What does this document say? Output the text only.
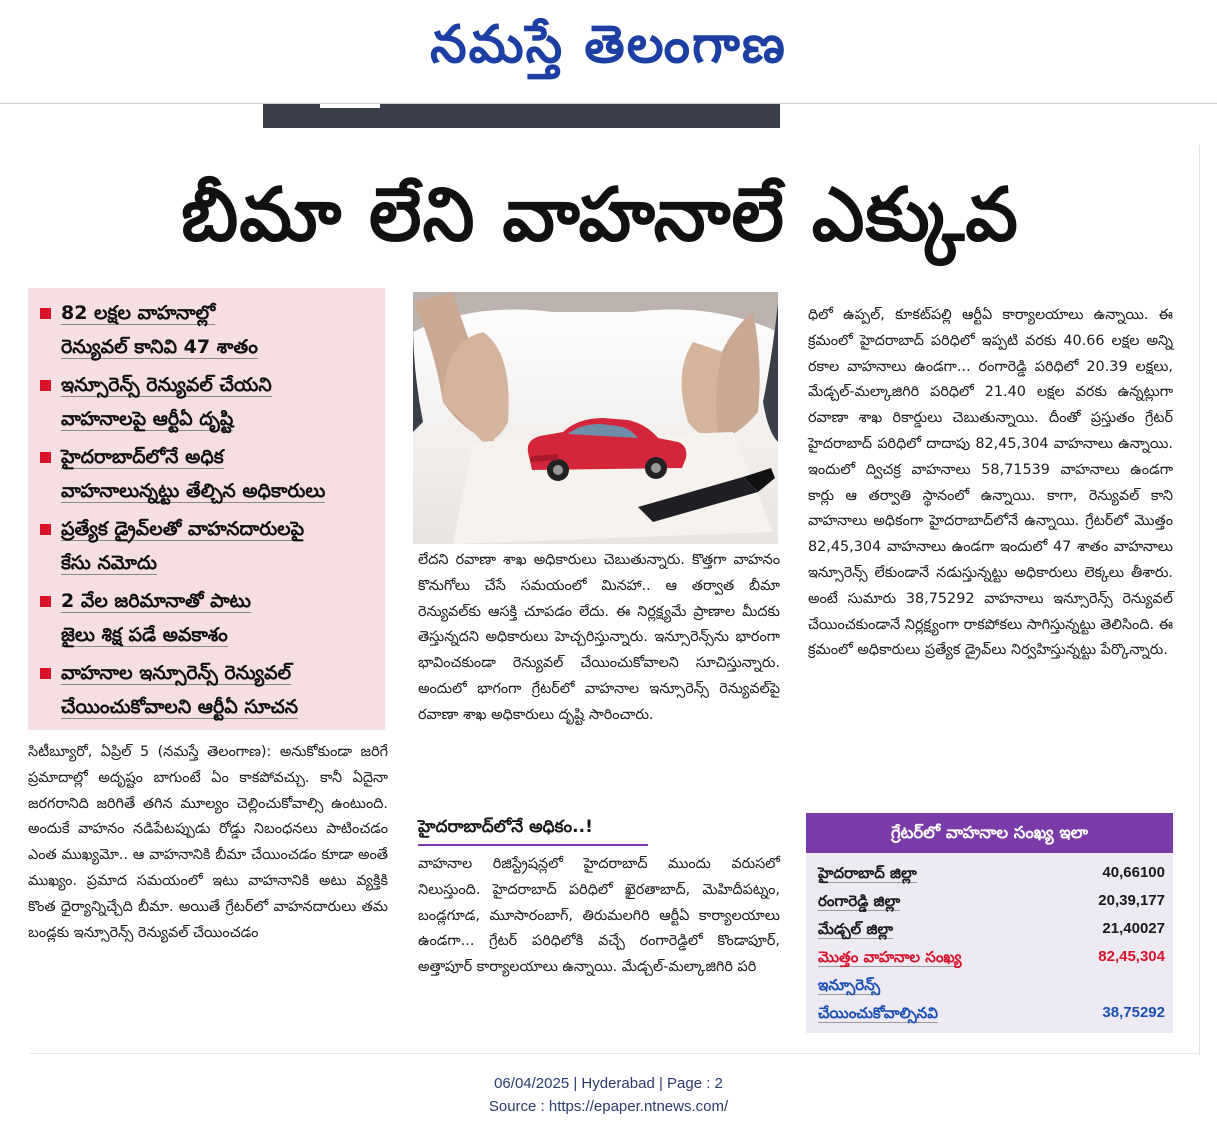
నమస్తే తెలంగాణ
బీమా లేని వాహనాలే ఎక్కువ
82 లక్షల వాహనాల్లో
రెన్యువల్ కానివి 47 శాతం
ఇన్సూరెన్స్ రెన్యువల్ చేయని
వాహనాలపై ఆర్టీఏ దృష్టి
హైదరాబాద్‌లోనే అధిక
వాహనాలున్నట్టు తేల్చిన అధికారులు
ప్రత్యేక డ్రైవ్‌లతో వాహనదారులపై
కేసు నమోదు
2 వేల జరిమానాతో పాటు
జైలు శిక్ష పడే అవకాశం
వాహనాల ఇన్సూరెన్స్ రెన్యువల్
చేయించుకోవాలని ఆర్టీఏ సూచన
సిటీబ్యూరో, ఏప్రిల్ 5 (నమస్తే తెలంగాణ): అనుకోకుండా జరిగే ప్రమాదాల్లో అదృష్టం బాగుంటే ఏం కాకపోవచ్చు. కానీ ఏదైనా జరగరానిది జరిగితే తగిన మూల్యం చెల్లించుకోవాల్సి ఉంటుంది. అందుకే వాహనం నడిపేటప్పుడు రోడ్డు నిబంధనలు పాటించడం ఎంత ముఖ్యమో.. ఆ వాహనానికి బీమా చేయించడం కూడా అంతే ముఖ్యం. ప్రమాద సమయంలో ఇటు వాహనానికి అటు వ్యక్తికి కొంత ధైర్యాన్నిచ్చేది బీమా. అయితే గ్రేటర్‌లో వాహనదారులు తమ బండ్లకు ఇన్సూరెన్స్ రెన్యువల్ చేయించడం
లేదని రవాణా శాఖ అధికారులు చెబుతున్నారు. కొత్తగా వాహనం కొనుగోలు చేసే సమయంలో మినహా.. ఆ తర్వాత బీమా రెన్యువల్‌కు ఆసక్తి చూపడం లేదు. ఈ నిర్లక్ష్యమే ప్రాణాల మీదకు తెస్తున్నదని అధికారులు హెచ్చరిస్తున్నారు. ఇన్సూరెన్స్‌ను భారంగా భావించకుండా రెన్యువల్ చేయించుకోవాలని సూచిస్తున్నారు. అందులో భాగంగా గ్రేటర్‌లో వాహనాల ఇన్సూరెన్స్ రెన్యువల్‌పై రవాణా శాఖ అధికారులు దృష్టి సారించారు.
హైదరాబాద్‌లోనే అధికం..!
వాహనాల రిజిస్ట్రేషన్లలో హైదరాబాద్ ముందు వరుసలో నిలుస్తుంది. హైదరాబాద్ పరిధిలో ఖైరతాబాద్, మెహిదీపట్నం, బండ్లగూడ, మూసారంబాగ్, తిరుమలగిరి ఆర్టీఏ కార్యాలయాలు ఉండగా... గ్రేటర్ పరిధిలోకి వచ్చే రంగారెడ్డిలో కొండాపూర్, అత్తాపూర్ కార్యాలయాలు ఉన్నాయి. మేడ్చల్-మల్కాజిగిరి పరి
ధిలో ఉప్పల్, కూకట్‌పల్లి ఆర్టీఏ కార్యాలయాలు ఉన్నాయి. ఈ క్రమంలో హైదరాబాద్ పరిధిలో ఇప్పటి వరకు 40.66 లక్షల అన్ని రకాల వాహనాలు ఉండగా... రంగారెడ్డి పరిధిలో 20.39 లక్షలు, మేడ్చల్-మల్కాజిగిరి పరిధిలో 21.40 లక్షల వరకు ఉన్నట్లుగా రవాణా శాఖ రికార్డులు చెబుతున్నాయి. దీంతో ప్రస్తుతం గ్రేటర్ హైదరాబాద్ పరిధిలో దాదాపు 82,45,304 వాహనాలు ఉన్నాయి. ఇందులో ద్విచక్ర వాహనాలు 58,71539 వాహనాలు ఉండగా కార్లు ఆ తర్వాతి స్థానంలో ఉన్నాయి. కాగా, రెన్యువల్ కాని వాహనాలు అధికంగా హైదరాబాద్‌లోనే ఉన్నాయి. గ్రేటర్‌లో మొత్తం 82,45,304 వాహనాలు ఉండగా ఇందులో 47 శాతం వాహనాలు ఇన్సూరెన్స్ లేకుండానే నడుస్తున్నట్టు అధికారులు లెక్కలు తీశారు. అంటే సుమారు 38,75292 వాహనాలు ఇన్సూరెన్స్ రెన్యువల్ చేయించకుండానే నిర్లక్ష్యంగా రాకపోకలు సాగిస్తున్నట్టు తెలిసింది. ఈ క్రమంలో అధికారులు ప్రత్యేక డ్రైవ్‌లు నిర్వహిస్తున్నట్టు పేర్కొన్నారు.
గ్రేటర్‌లో వాహనాల సంఖ్య ఇలా
హైదరాబాద్ జిల్లా	40,66100
రంగారెడ్డి జిల్లా	20,39,177
మేడ్చల్ జిల్లా	21,40027
మొత్తం వాహనాల సంఖ్య	82,45,304
ఇన్సూరెన్స్
చేయించుకోవాల్సినవి	38,75292
06/04/2025 | Hyderabad | Page : 2
Source : https://epaper.ntnews.com/
